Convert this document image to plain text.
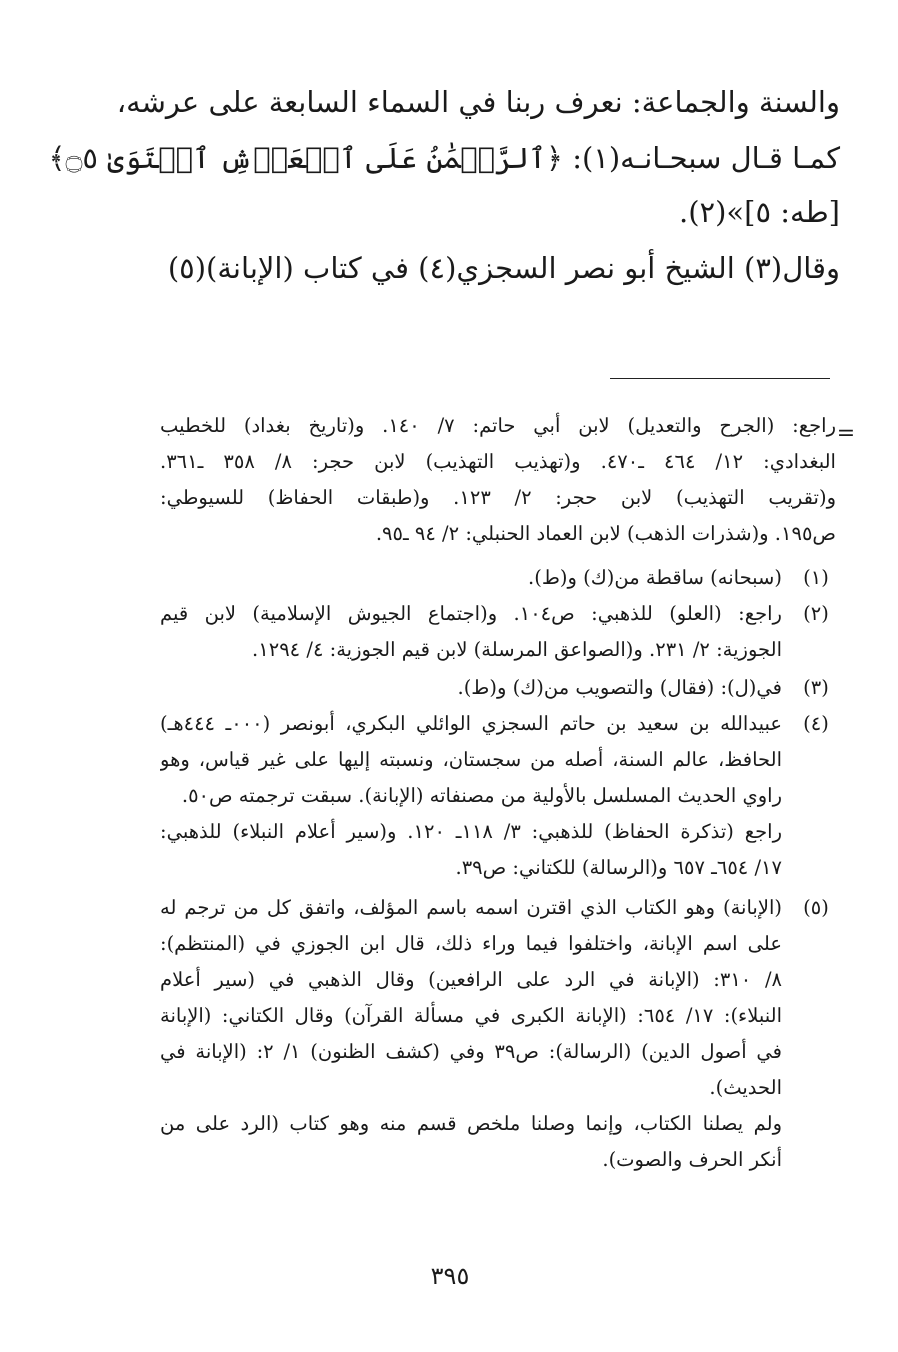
والسنة والجماعة: نعرف ربنا في السماء السابعة على عرشه،
كمـا قـال سبحـانـه(١): ﴿ٱلرَّحۡمَٰنُ عَلَى ٱلۡعَرۡشِ ٱسۡتَوَىٰ ۝٥﴾
[طه: ٥]»(٢).
وقال(٣) الشيخ أبو نصر السجزي(٤) في كتاب (الإبانة)(٥)
=
راجع: (الجرح والتعديل) لابن أبي حاتم: ٧/ ١٤٠. و(تاريخ بغداد) للخطيب
البغدادي: ١٢/ ٤٦٤ ـ٤٧٠. و(تهذيب التهذيب) لابن حجر: ٨/ ٣٥٨ ـ٣٦١.
و(تقريب التهذيب) لابن حجر: ٢/ ١٢٣. و(طبقات الحفاظ) للسيوطي:
ص١٩٥. و(شذرات الذهب) لابن العماد الحنبلي: ٢/ ٩٤ ـ٩٥.
(١)
(سبحانه) ساقطة من(ك) و(ط).
(٢)
راجع: (العلو) للذهبي: ص١٠٤. و(اجتماع الجيوش الإسلامية) لابن قيم
الجوزية: ٢/ ٢٣١. و(الصواعق المرسلة) لابن قيم الجوزية: ٤/ ١٢٩٤.
(٣)
في(ل): (فقال) والتصويب من(ك) و(ط).
(٤)
عبيدالله بن سعيد بن حاتم السجزي الوائلي البكري، أبونصر (٠٠٠ـ ٤٤٤هـ)
الحافظ، عالم السنة، أصله من سجستان، ونسبته إليها على غير قياس، وهو
راوي الحديث المسلسل بالأولية من مصنفاته (الإبانة). سبقت ترجمته ص٥٠.
راجع (تذكرة الحفاظ) للذهبي: ٣/ ١١٨ـ ١٢٠. و(سير أعلام النبلاء) للذهبي:
١٧/ ٦٥٤ـ ٦٥٧ و(الرسالة) للكتاني: ص٣٩.
(٥)
(الإبانة) وهو الكتاب الذي اقترن اسمه باسم المؤلف، واتفق كل من ترجم له
على اسم الإبانة، واختلفوا فيما وراء ذلك، قال ابن الجوزي في (المنتظم):
٨/ ٣١٠: (الإبانة في الرد على الرافعين) وقال الذهبي في (سير أعلام
النبلاء): ١٧/ ٦٥٤: (الإبانة الكبرى في مسألة القرآن) وقال الكتاني: (الإبانة
في أصول الدين) (الرسالة): ص٣٩ وفي (كشف الظنون) ١/ ٢: (الإبانة في
الحديث).
ولم يصلنا الكتاب، وإنما وصلنا ملخص قسم منه وهو كتاب (الرد على من
أنكر الحرف والصوت).
٣٩٥
